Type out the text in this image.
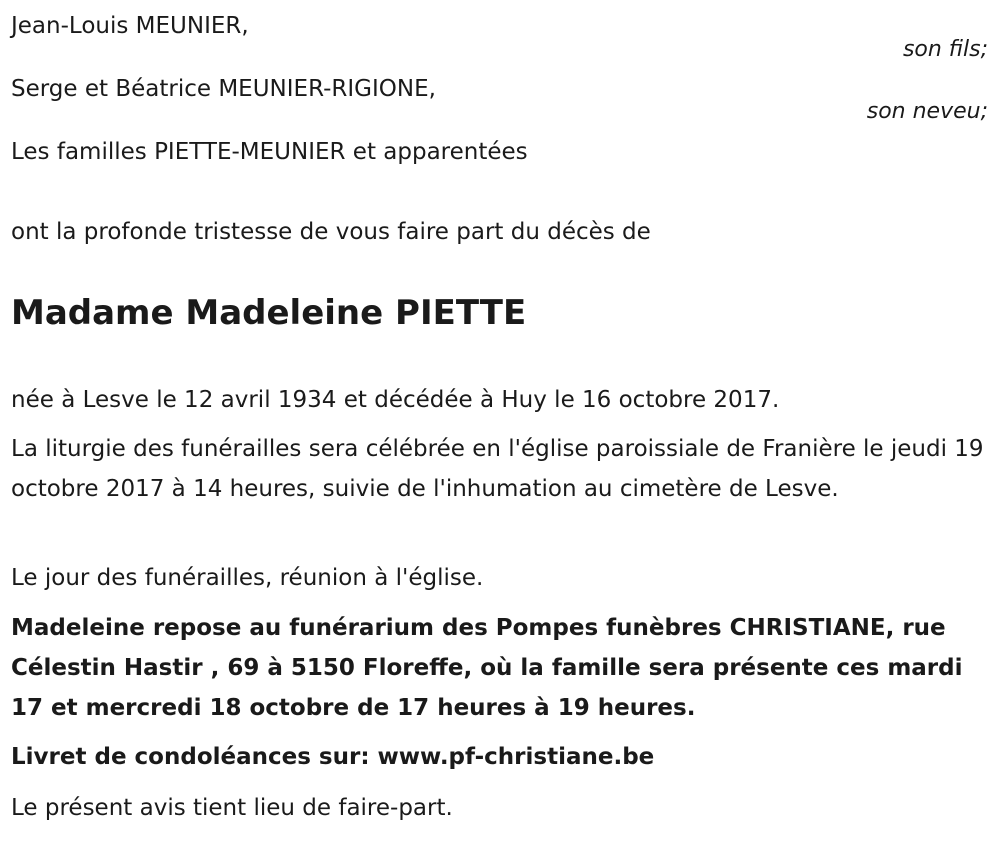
Jean-Louis MEUNIER,
son fils;
Serge et Béatrice MEUNIER-RIGIONE,
son neveu;
Les familles PIETTE-MEUNIER et apparentées
ont la profonde tristesse de vous faire part du décès de
Madame Madeleine PIETTE
née à Lesve le 12 avril 1934 et décédée à Huy le 16 octobre 2017.
La liturgie des funérailles sera célébrée en l'église paroissiale de Franière le jeudi 19 octobre 2017 à 14 heures, suivie de l'inhumation au cimetère de Lesve.
Le jour des funérailles, réunion à l'église.
Madeleine repose au funérarium des Pompes funèbres CHRISTIANE, rue Célestin Hastir , 69 à 5150 Floreffe, où la famille sera présente ces mardi 17 et mercredi 18 octobre de 17 heures à 19 heures.
Livret de condoléances sur: www.pf-christiane.be
Le présent avis tient lieu de faire-part.
